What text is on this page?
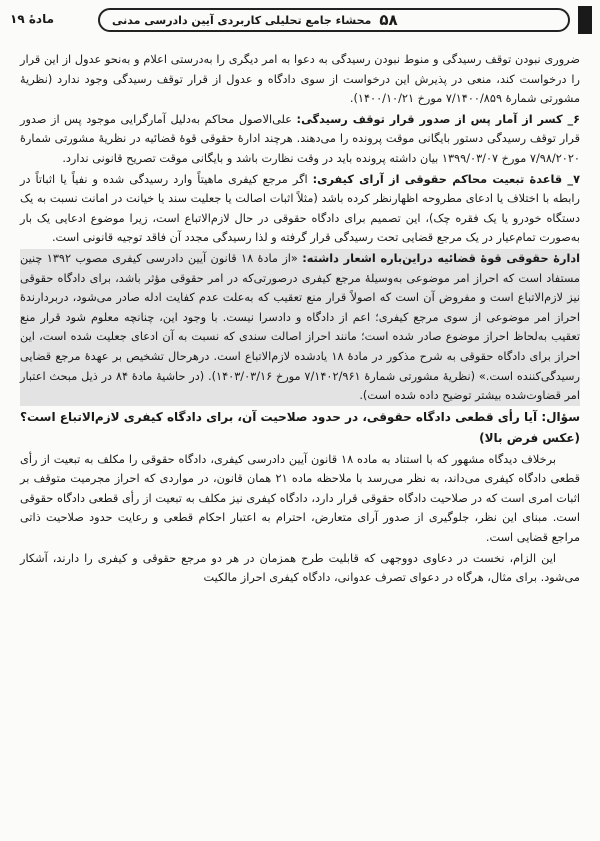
مادهٔ ۱۹	۵۸
محشاء جامع تحلیلی کاربردی آیین دادرسی مدنی

ضروری نبودن توقف رسیدگی و منوط نبودن رسیدگی به دعوا به امر دیگری را به‌درستی اعلام و به‌نحو عدول از این قرار را درخواست کند، منعی در پذیرش این درخواست از سوی دادگاه و عدول از قرار توقف رسیدگی وجود ندارد (نظریهٔ مشورتی شمارهٔ ۷/۱۴۰۰/۸۵۹ مورخ ۱۴۰۰/۱۰/۲۱).

۶_ کسر از آمار پس از صدور قرار توقف رسیدگی: علی‌الاصول محاکم به‌دلیل آمارگرایی موجود پس از صدور قرار توقف رسیدگی دستور بایگانی موقت پرونده را می‌دهند. هرچند ادارهٔ حقوقی قوهٔ قضائیه در نظریهٔ مشورتی شمارهٔ ۷/۹۸/۲۰۲۰ مورخ ۱۳۹۹/۰۳/۰۷ بیان داشته پرونده باید در وقت نظارت باشد و بایگانی موقت تصریح قانونی ندارد.

۷_ قاعدهٔ تبعیت محاکم حقوقی از آرای کیفری: اگر مرجع کیفری ماهیتاً وارد رسیدگی شده و نفیاً یا اثباتاً در رابطه با اختلاف یا ادعای مطروحه اظهارنظر کرده باشد (مثلاً اثبات اصالت یا جعلیت سند یا خیانت در امانت نسبت به یک دستگاه خودرو یا یک فقره چک)، این تصمیم برای دادگاه حقوقی در حال لازم‌الاتباع است، زیرا موضوع ادعایی یک بار به‌صورت تمام‌عیار در یک مرجع قضایی تحت رسیدگی قرار گرفته و لذا رسیدگی مجدد آن فاقد توجیه قانونی است.

ادارهٔ حقوقی قوهٔ قضائیه دراین‌باره اشعار داشته: «از مادهٔ ۱۸ قانون آیین دادرسی کیفری مصوب ۱۳۹۲ چنین مستفاد است که احراز امر موضوعی به‌وسیلهٔ مرجع کیفری درصورتی‌که در امر حقوقی مؤثر باشد، برای دادگاه حقوقی نیز لازم‌الاتباع است و مفروض آن است که اصولاً قرار منع تعقیب که به‌علت عدم کفایت ادله صادر می‌شود، دربردارندهٔ احراز امر موضوعی از سوی مرجع کیفری؛ اعم از دادگاه و دادسرا نیست. با وجود این، چنانچه معلوم شود قرار منع تعقیب به‌لحاظ احراز موضوع صادر شده است؛ مانند احراز اصالت سندی که نسبت به آن ادعای جعلیت شده است، این احراز برای دادگاه حقوقی به شرح مذکور در مادهٔ ۱۸ یادشده لازم‌الاتباع است. درهرحال تشخیص بر عهدهٔ مرجع قضایی رسیدگی‌کننده است.» (نظریهٔ مشورتی شمارهٔ ۷/۱۴۰۲/۹۶۱ مورخ ۱۴۰۳/۰۳/۱۶). (در حاشیهٔ مادهٔ ۸۴ در ذیل مبحث اعتبار امر قضاوت‌شده بیشتر توضیح داده شده است).

سؤال: آیا رأی قطعی دادگاه حقوقی، در حدود صلاحیت آن، برای دادگاه کیفری لازم‌الاتباع است؟ (عکس فرض بالا)

برخلاف دیدگاه مشهور که با استناد به ماده ۱۸ قانون آیین دادرسی کیفری، دادگاه حقوقی را مکلف به تبعیت از رأی قطعی دادگاه کیفری می‌داند، به نظر می‌رسد با ملاحظه ماده ۲۱ همان قانون، در مواردی که احراز مجرمیت متوقف بر اثبات امری است که در صلاحیت دادگاه حقوقی قرار دارد، دادگاه کیفری نیز مکلف به تبعیت از رأی قطعی دادگاه حقوقی است. مبنای این نظر، جلوگیری از صدور آرای متعارض، احترام به اعتبار احکام قطعی و رعایت حدود صلاحیت ذاتی مراجع قضایی است.

این الزام، نخست در دعاوی دووجهی که قابلیت طرح همزمان در هر دو مرجع حقوقی و کیفری را دارند، آشکار می‌شود. برای مثال، هرگاه در دعوای تصرف عدوانی، دادگاه کیفری احراز مالکیت
